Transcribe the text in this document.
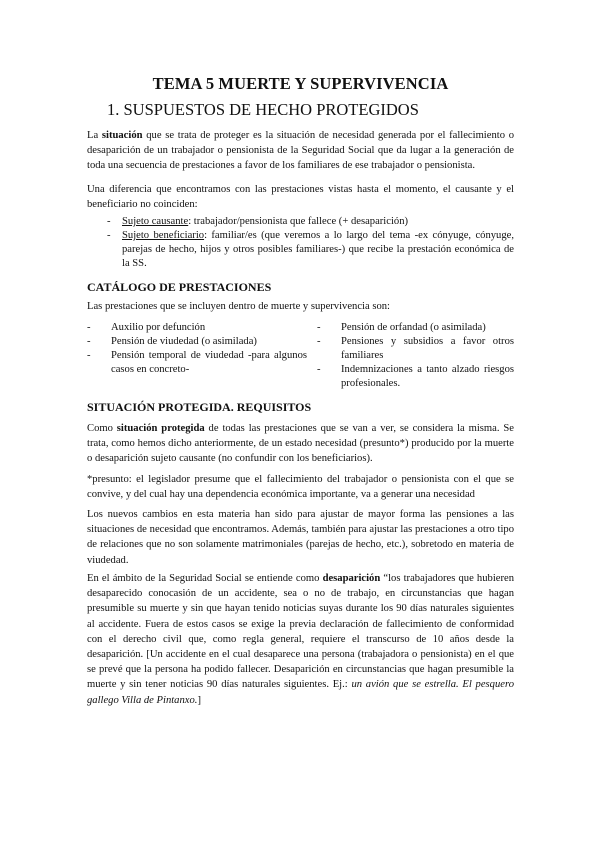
TEMA 5 MUERTE Y SUPERVIVENCIA
1. SUSPUESTOS DE HECHO PROTEGIDOS

La situación que se trata de proteger es la situación de necesidad generada por el fallecimiento o desaparición de un trabajador o pensionista de la Seguridad Social que da lugar a la generación de toda una secuencia de prestaciones a favor de los familiares de ese trabajador o pensionista.

Una diferencia que encontramos con las prestaciones vistas hasta el momento, el causante y el beneficiario no coinciden:

- Sujeto causante: trabajador/pensionista que fallece (+ desaparición)
- Sujeto beneficiario: familiar/es (que veremos a lo largo del tema -ex cónyuge, cónyuge, parejas de hecho, hijos y otros posibles familiares-) que recibe la prestación económica de la SS.
CATÁLOGO DE PRESTACIONES

Las prestaciones que se incluyen dentro de muerte y supervivencia son:

- Auxilio por defunción
- Pensión de viudedad (o asimilada)
- Pensión temporal de viudedad -para algunos casos en concreto-
- Pensión de orfandad (o asimilada)
- Pensiones y subsidios a favor otros familiares
- Indemnizaciones a tanto alzado riesgos profesionales.
SITUACIÓN PROTEGIDA. REQUISITOS

Como situación protegida de todas las prestaciones que se van a ver, se considera la misma. Se trata, como hemos dicho anteriormente, de un estado necesidad (presunto*) producido por la muerte o desaparición sujeto causante (no confundir con los beneficiarios).

*presunto: el legislador presume que el fallecimiento del trabajador o pensionista con el que se convive, y del cual hay una dependencia económica importante, va a generar una necesidad

Los nuevos cambios en esta materia han sido para ajustar de mayor forma las pensiones a las situaciones de necesidad que encontramos. Además, también para ajustar las prestaciones a otro tipo de relaciones que no son solamente matrimoniales (parejas de hecho, etc.), sobretodo en materia de viudedad.

En el ámbito de la Seguridad Social se entiende como desaparición “los trabajadores que hubieren desaparecido conocasión de un accidente, sea o no de trabajo, en circunstancias que hagan presumible su muerte y sin que hayan tenido noticias suyas durante los 90 días naturales siguientes al accidente. Fuera de estos casos se exige la previa declaración de fallecimiento de conformidad con el derecho civil que, como regla general, requiere el transcurso de 10 años desde la desaparición. [Un accidente en el cual desaparece una persona (trabajadora o pensionista) en el que se prevé que la persona ha podido fallecer. Desaparición en circunstancias que hagan presumible la muerte y sin tener noticias 90 días naturales siguientes. Ej.: un avión que se estrella. El pesquero gallego Villa de Pintanxo.]
